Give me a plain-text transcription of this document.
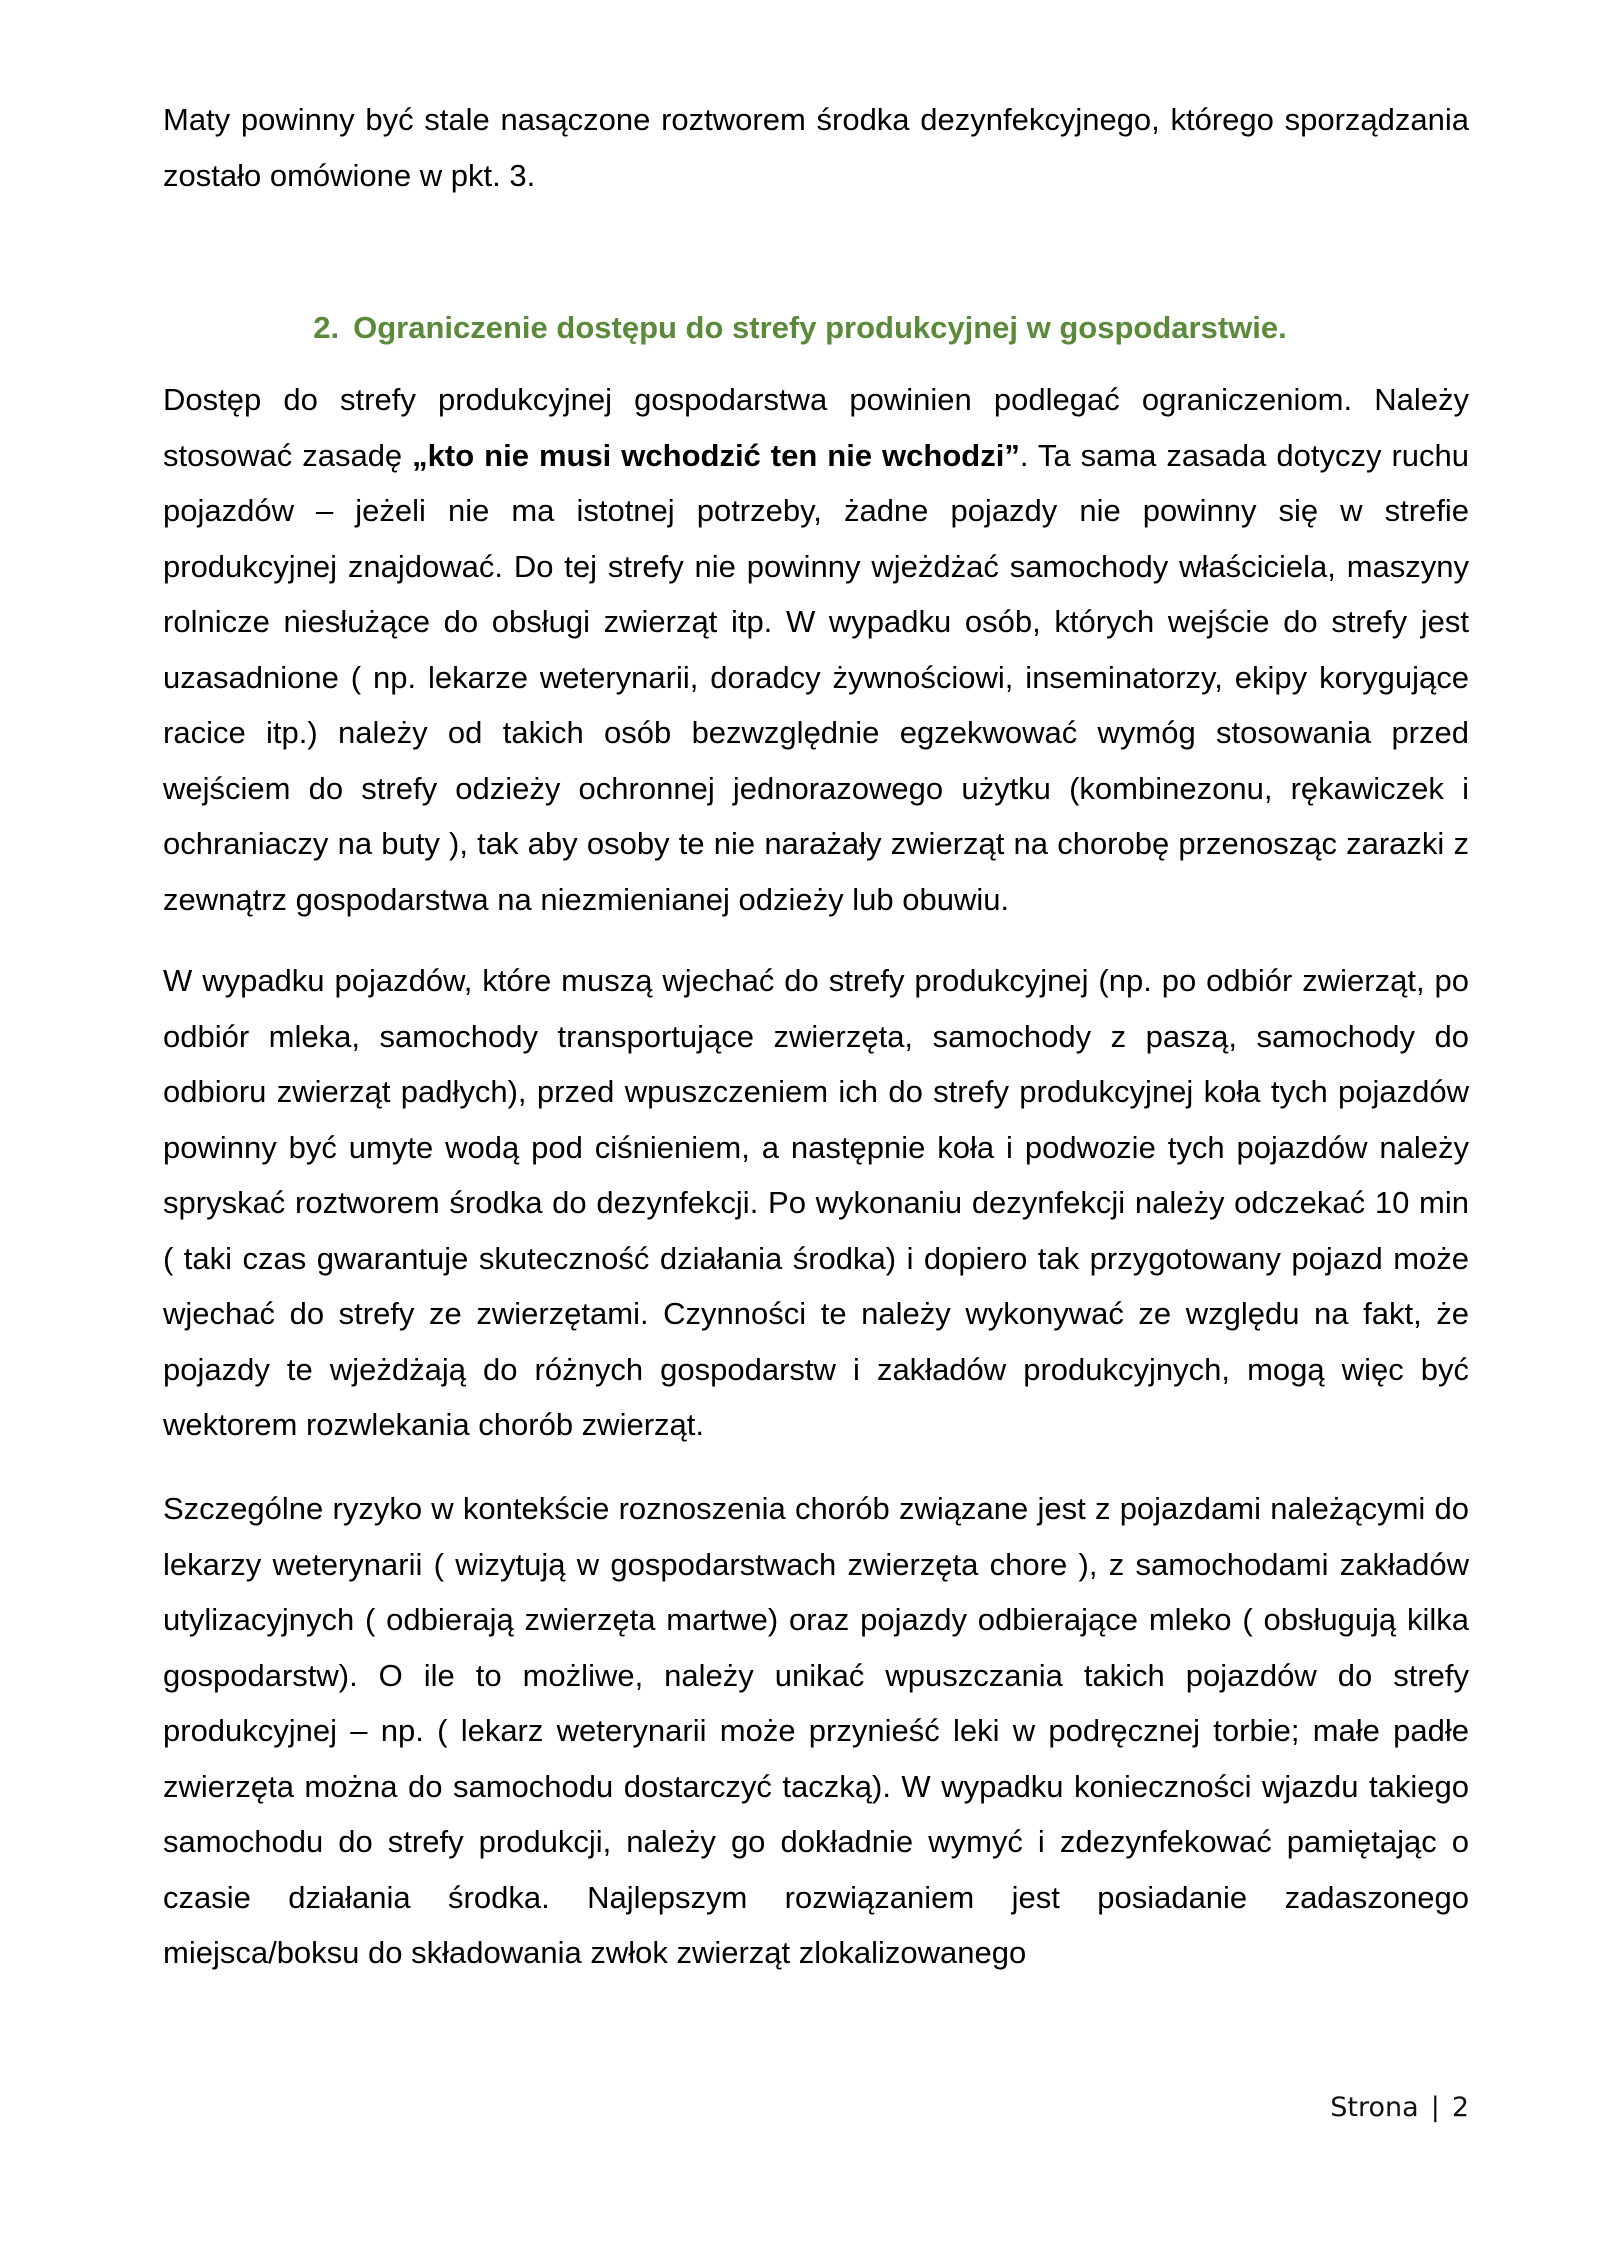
Maty powinny być stale nasączone roztworem środka dezynfekcyjnego, którego sporządzania zostało omówione w pkt. 3.

2. Ograniczenie dostępu do strefy produkcyjnej w gospodarstwie.

Dostęp do strefy produkcyjnej gospodarstwa powinien podlegać ograniczeniom. Należy stosować zasadę „kto nie musi wchodzić ten nie wchodzi”. Ta sama zasada dotyczy ruchu pojazdów – jeżeli nie ma istotnej potrzeby, żadne pojazdy nie powinny się w strefie produkcyjnej znajdować. Do tej strefy nie powinny wjeżdżać samochody właściciela, maszyny rolnicze niesłużące do obsługi zwierząt itp. W wypadku osób, których wejście do strefy jest uzasadnione ( np. lekarze weterynarii, doradcy żywnościowi, inseminatorzy, ekipy korygujące racice itp.) należy od takich osób bezwzględnie egzekwować wymóg stosowania przed wejściem do strefy odzieży ochronnej jednorazowego użytku (kombinezonu, rękawiczek i ochraniaczy na buty ), tak aby osoby te nie narażały zwierząt na chorobę przenosząc zarazki z zewnątrz gospodarstwa na niezmienianej odzieży lub obuwiu.

W wypadku pojazdów, które muszą wjechać do strefy produkcyjnej (np. po odbiór zwierząt, po odbiór mleka, samochody transportujące zwierzęta, samochody z paszą, samochody do odbioru zwierząt padłych), przed wpuszczeniem ich do strefy produkcyjnej koła tych pojazdów powinny być umyte wodą pod ciśnieniem, a następnie koła i podwozie tych pojazdów należy spryskać roztworem środka do dezynfekcji. Po wykonaniu dezynfekcji należy odczekać 10 min ( taki czas gwarantuje skuteczność działania środka) i dopiero tak przygotowany pojazd może wjechać do strefy ze zwierzętami. Czynności te należy wykonywać ze względu na fakt, że pojazdy te wjeżdżają do różnych gospodarstw i zakładów produkcyjnych, mogą więc być wektorem rozwlekania chorób zwierząt.

Szczególne ryzyko w kontekście roznoszenia chorób związane jest z pojazdami należącymi do lekarzy weterynarii ( wizytują w gospodarstwach zwierzęta chore ), z samochodami zakładów utylizacyjnych ( odbierają zwierzęta martwe) oraz pojazdy odbierające mleko ( obsługują kilka gospodarstw). O ile to możliwe, należy unikać wpuszczania takich pojazdów do strefy produkcyjnej – np. ( lekarz weterynarii może przynieść leki w podręcznej torbie; małe padłe zwierzęta można do samochodu dostarczyć taczką). W wypadku konieczności wjazdu takiego samochodu do strefy produkcji, należy go dokładnie wymyć i zdezynfekować pamiętając o czasie działania środka. Najlepszym rozwiązaniem jest posiadanie zadaszonego miejsca/boksu do składowania zwłok zwierząt zlokalizowanego

Strona | 2
